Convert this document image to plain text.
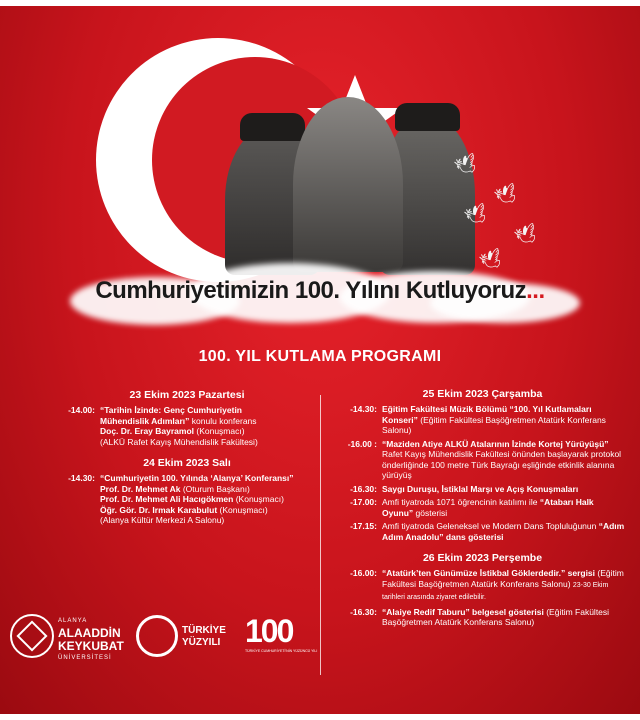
🕊
🕊
🕊
🕊
🕊
Cumhuriyetimizin 100. Yılını Kutluyoruz...
100. YIL KUTLAMA PROGRAMI
23 Ekim 2023 Pazartesi
-14.00: “Tarihin İzinde: Genç Cumhuriyetin
Mühendislik Adımları” konulu konferans
Doç. Dr. Eray Bayramol (Konuşmacı)
(ALKÜ Rafet Kayış Mühendislik Fakültesi)
24 Ekim 2023 Salı
-14.30: “Cumhuriyetin 100. Yılında ‘Alanya’ Konferansı”
Prof. Dr. Mehmet Ak (Oturum Başkanı)
Prof. Dr. Mehmet Ali Hacıgökmen (Konuşmacı)
Öğr. Gör. Dr. Irmak Karabulut (Konuşmacı)
(Alanya Kültür Merkezi A Salonu)
25 Ekim 2023 Çarşamba
-14.30: Eğitim Fakültesi Müzik Bölümü “100. Yıl Kutlamaları Konseri” (Eğitim Fakültesi Başöğretmen Atatürk Konferans Salonu)
-16.00 : “Maziden Atiye ALKÜ Atalarının İzinde Kortej Yürüyüşü” Rafet Kayış Mühendislik Fakültesi önünden başlayarak protokol önderliğinde 100 metre Türk Bayrağı eşliğinde etkinlik alanına yürüyüş
-16.30: Saygı Duruşu, İstiklal Marşı ve Açış Konuşmaları
-17.00: Amfi tiyatroda 1071 öğrencinin katılımı ile “Atabarı Halk Oyunu” gösterisi
-17.15: Amfi tiyatroda Geleneksel ve Modern Dans Topluluğunun “Adım Adım Anadolu” dans gösterisi
26 Ekim 2023 Perşembe
-16.00: “Atatürk’ten Günümüze İstikbal Göklerdedir.” sergisi (Eğitim Fakültesi Başöğretmen Atatürk Konferans Salonu) 23-30 Ekim tarihleri arasında ziyaret edilebilir.
-16.30: “Alaiye Redif Taburu” belgesel gösterisi (Eğitim Fakültesi Başöğretmen Atatürk Konferans Salonu)
ALANYA
ALAADDİN
KEYKUBAT
ÜNİVERSİTESİ
TÜRKİYE
YÜZYILI 100
TÜRKİYE CUMHURİYETİ'NİN YÜZÜNCÜ YILI
